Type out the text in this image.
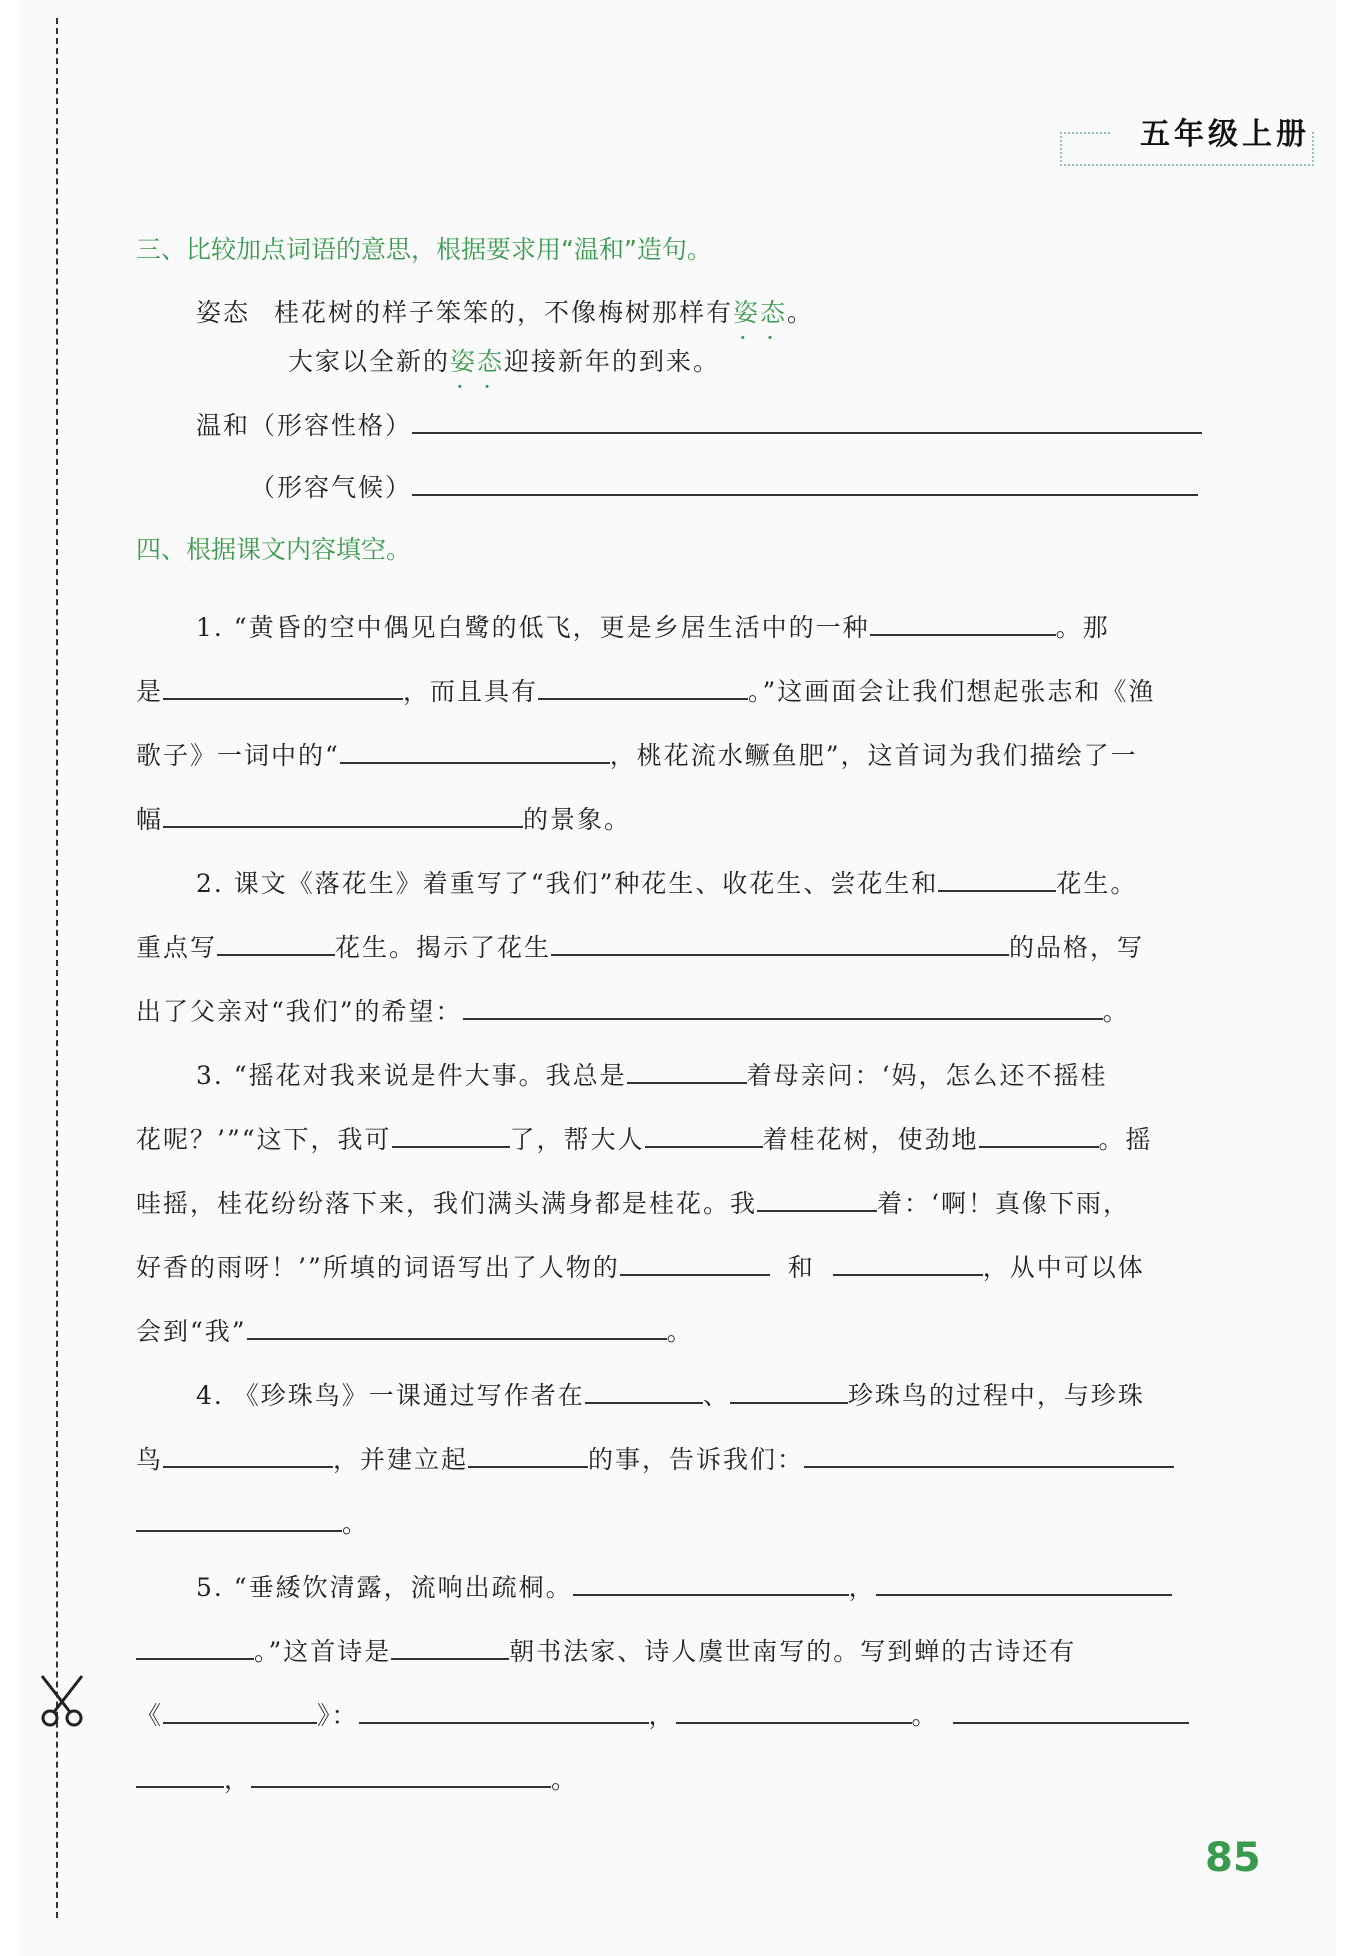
五年级上册
三、比较加点词语的意思，根据要求用“温和”造句。
姿态 桂花树的样子笨笨的，不像梅树那样有姿态 · ·。
大家以全新的姿态 · ·迎接新年的到来。
温和（形容性格）
（形容气候）
四、根据课文内容填空。
1. “黄昏的空中偶见白鹭的低飞，更是乡居生活中的一种	。那
是	，而且具有	。”这画面会让我们想起张志和《渔
歌子》一词中的“	，桃花流水鳜鱼肥”，这首词为我们描绘了一
幅	的景象。
2. 课文《落花生》着重写了“我们”种花生、收花生、尝花生和	花生。
重点写	花生。揭示了花生	的品格，写
出了父亲对“我们”的希望：	。
3. “摇花对我来说是件大事。我总是	着母亲问：‘妈，怎么还不摇桂
花呢？’”“这下，我可	了，帮大人	着桂花树，使劲地	。摇
哇摇，桂花纷纷落下来，我们满头满身都是桂花。我	着：‘啊！真像下雨，
好香的雨呀！’”所填的词语写出了人物的	和	，从中可以体
会到“我”	。
4. 《珍珠鸟》一课通过写作者在	、	珍珠鸟的过程中，与珍珠
鸟	，并建立起	的事，告诉我们：
。
5. “垂緌饮清露，流响出疏桐。	，
。”这首诗是	朝书法家、诗人虞世南写的。写到蝉的古诗还有
《	》：	，	。
，	。
85
